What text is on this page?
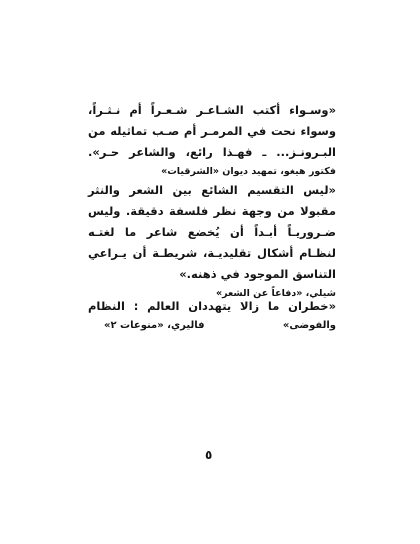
«وسـواء أكتب الشـاعـر شـعـراً أم نـثـراً،
وسواء نحت في المرمـر أم صـب تماثيله من
البـرونـز... ـ فهـذا رائع، والشاعر حـر».
فكتور هيغو، تمهيد ديوان «الشرقيات»
«ليس التقسيم الشائع بين الشعر والنثر
مقبولا من وجهة نظر فلسفة دقيقة. وليس
ضـروريـاً أبـداً أن يُخضع شاعر ما لغتـه
لنظـام أشكال تقليديـة، شريطـة أن يـراعي
التناسق الموجود في ذهنه.»
شيلي، «دفاعاً عن الشعر»
«خطران ما زالا يتهددان العالم : النظام
والفوضى»
فاليري، «منوعات ٢»
٥
